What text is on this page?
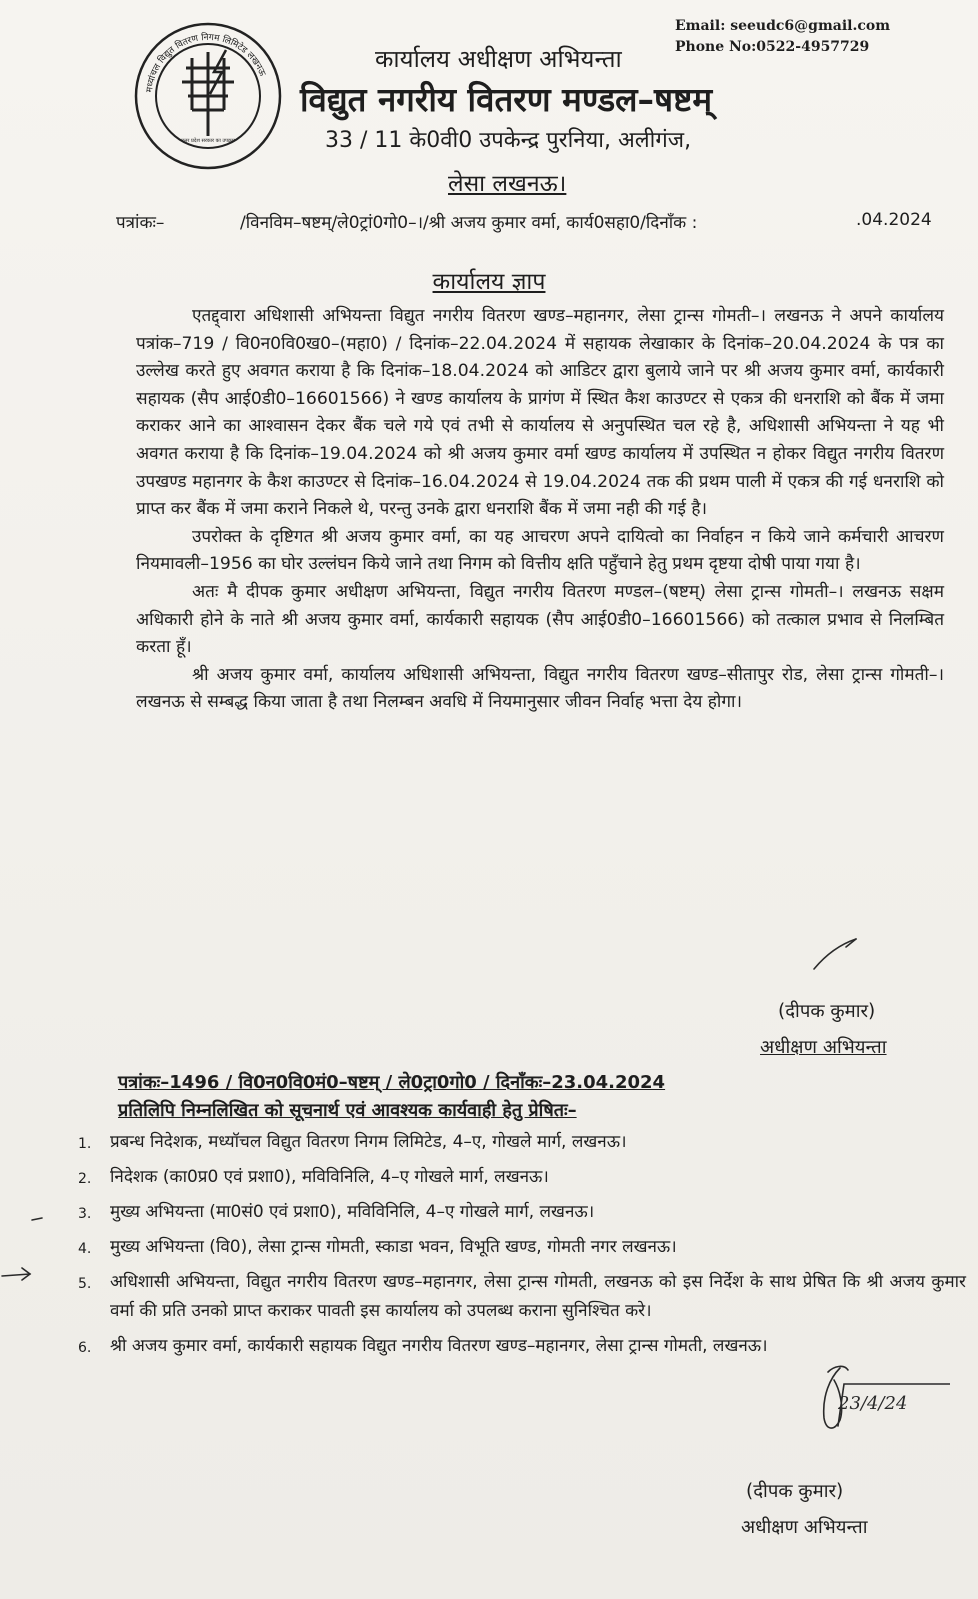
मध्यांचल विद्युत वितरण निगम लिमिटेड लखनऊ
उत्तर प्रदेश सरकार का उपक्रम
Email: seeudc6@gmail.com
Phone No:0522-4957729
कार्यालय अधीक्षण अभियन्ता
विद्युत नगरीय वितरण मण्डल–षष्टम्
33 / 11 के0वी0 उपकेन्द्र पुरनिया, अलीगंज,
लेसा लखनऊ।
पत्रांकः–	/विनविम–षष्टम्/ले0ट्रां0गो0–।/श्री अजय कुमार वर्मा, कार्य0सहा0/दिनाँक :	.04.2024
कार्यालय ज्ञाप

एतद्द्वारा अधिशासी अभियन्ता विद्युत नगरीय वितरण खण्ड–महानगर, लेसा ट्रान्स गोमती–। लखनऊ ने अपने कार्यालय पत्रांक–719 / वि0न0वि0ख0–(महा0) / दिनांक–22.04.2024 में सहायक लेखाकार के दिनांक–20.04.2024 के पत्र का उल्लेख करते हुए अवगत कराया है कि दिनांक–18.04.2024 को आडिटर द्वारा बुलाये जाने पर श्री अजय कुमार वर्मा, कार्यकारी सहायक (सैप आई0डी0–16601566) ने खण्ड कार्यालय के प्रागंण में स्थित कैश काउण्टर से एकत्र की धनराशि को बैंक में जमा कराकर आने का आश्वासन देकर बैंक चले गये एवं तभी से कार्यालय से अनुपस्थित चल रहे है, अधिशासी अभियन्ता ने यह भी अवगत कराया है कि दिनांक–19.04.2024 को श्री अजय कुमार वर्मा खण्ड कार्यालय में उपस्थित न होकर विद्युत नगरीय वितरण उपखण्ड महानगर के कैश काउण्टर से दिनांक–16.04.2024 से 19.04.2024 तक की प्रथम पाली में एकत्र की गई धनराशि को प्राप्त कर बैंक में जमा कराने निकले थे, परन्तु उनके द्वारा धनराशि बैंक में जमा नही की गई है।

उपरोक्त के दृष्टिगत श्री अजय कुमार वर्मा, का यह आचरण अपने दायित्वो का निर्वाहन न किये जाने कर्मचारी आचरण नियमावली–1956 का घोर उल्लंघन किये जाने तथा निगम को वित्तीय क्षति पहुँचाने हेतु प्रथम दृष्टया दोषी पाया गया है।

अतः मै दीपक कुमार अधीक्षण अभियन्ता, विद्युत नगरीय वितरण मण्डल–(षष्टम्) लेसा ट्रान्स गोमती–। लखनऊ सक्षम अधिकारी होने के नाते श्री अजय कुमार वर्मा, कार्यकारी सहायक (सैप आई0डी0–16601566) को तत्काल प्रभाव से निलम्बित करता हूँ।

श्री अजय कुमार वर्मा, कार्यालय अधिशासी अभियन्ता, विद्युत नगरीय वितरण खण्ड–सीतापुर रोड, लेसा ट्रान्स गोमती–। लखनऊ से सम्बद्ध किया जाता है तथा निलम्बन अवधि में नियमानुसार जीवन निर्वाह भत्ता देय होगा।

(दीपक कुमार)
अधीक्षण अभियन्ता
पत्रांकः–1496 / वि0न0वि0मं0–षष्टम् / ले0ट्रा0गो0 / दिनाँकः–23.04.2024
प्रतिलिपि निम्नलिखित को सूचनार्थ एवं आवश्यक कार्यवाही हेतु प्रेषितः–
1. प्रबन्ध निदेशक, मध्यॉचल विद्युत वितरण निगम लिमिटेड, 4–ए, गोखले मार्ग, लखनऊ।
2. निदेशक (का0प्र0 एवं प्रशा0), मविविनिलि, 4–ए गोखले मार्ग, लखनऊ।
3. मुख्य अभियन्ता (मा0सं0 एवं प्रशा0), मविविनिलि, 4–ए गोखले मार्ग, लखनऊ।
4. मुख्य अभियन्ता (वि0), लेसा ट्रान्स गोमती, स्काडा भवन, विभूति खण्ड, गोमती नगर लखनऊ।
5. अधिशासी अभियन्ता, विद्युत नगरीय वितरण खण्ड–महानगर, लेसा ट्रान्स गोमती, लखनऊ को इस निर्देश के साथ प्रेषित कि श्री अजय कुमार वर्मा की प्रति उनको प्राप्त कराकर पावती इस कार्यालय को उपलब्ध कराना सुनिश्चित करे।
6. श्री अजय कुमार वर्मा, कार्यकारी सहायक विद्युत नगरीय वितरण खण्ड–महानगर, लेसा ट्रान्स गोमती, लखनऊ।
23/4/24
(दीपक कुमार)
अधीक्षण अभियन्ता
